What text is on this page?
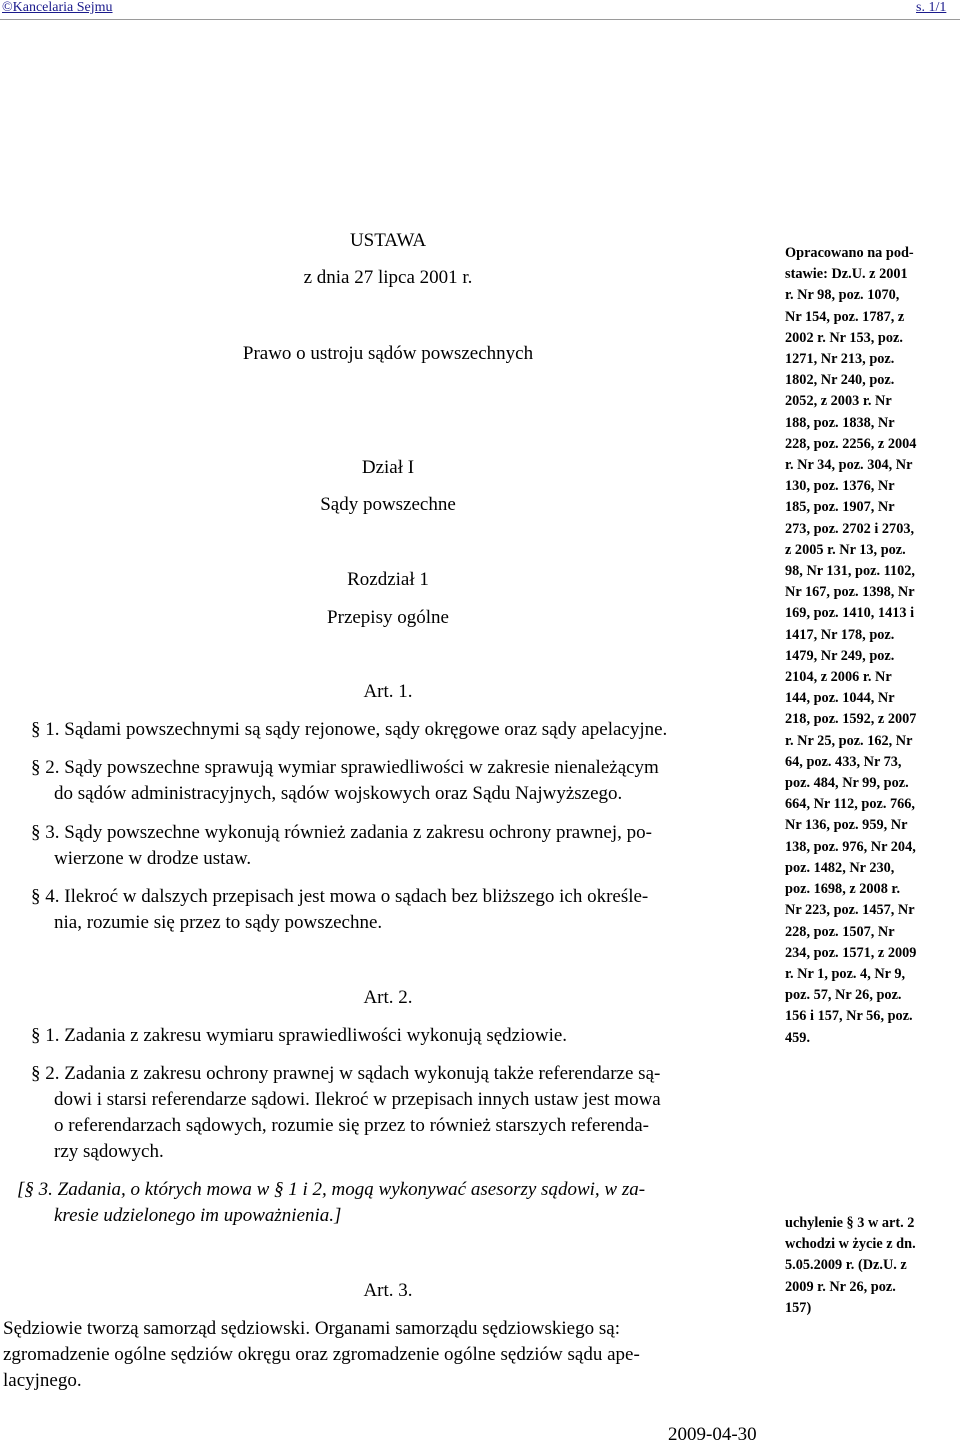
©Kancelaria Sejmu	s. 1/1
USTAWA
z dnia 27 lipca 2001 r.
Prawo o ustroju sądów powszechnych
Dział I
Sądy powszechne
Rozdział 1
Przepisy ogólne
Art. 1.
§ 1. Sądami powszechnymi są sądy rejonowe, sądy okręgowe oraz sądy apelacyjne.
§ 2. Sądy powszechne sprawują wymiar sprawiedliwości w zakresie nienależącym
do sądów administracyjnych, sądów wojskowych oraz Sądu Najwyższego.
§ 3. Sądy powszechne wykonują również zadania z zakresu ochrony prawnej, po-
wierzone w drodze ustaw.
§ 4. Ilekroć w dalszych przepisach jest mowa o sądach bez bliższego ich określe-
nia, rozumie się przez to sądy powszechne.
Art. 2.
§ 1. Zadania z zakresu wymiaru sprawiedliwości wykonują sędziowie.
§ 2. Zadania z zakresu ochrony prawnej w sądach wykonują także referendarze są-
dowi i starsi referendarze sądowi. Ilekroć w przepisach innych ustaw jest mowa
o referendarzach sądowych, rozumie się przez to również starszych referenda-
rzy sądowych.
[§ 3. Zadania, o których mowa w § 1 i 2, mogą wykonywać asesorzy sądowi, w za-
kresie udzielonego im upoważnienia.]
Art. 3.
Sędziowie tworzą samorząd sędziowski. Organami samorządu sędziowskiego są:
zgromadzenie ogólne sędziów okręgu oraz zgromadzenie ogólne sędziów sądu ape-
lacyjnego.
Opracowano na pod-
stawie: Dz.U. z 2001
r. Nr 98, poz. 1070,
Nr 154, poz. 1787, z
2002 r. Nr 153, poz.
1271, Nr 213, poz.
1802, Nr 240, poz.
2052, z 2003 r. Nr
188, poz. 1838, Nr
228, poz. 2256, z 2004
r. Nr 34, poz. 304, Nr
130, poz. 1376, Nr
185, poz. 1907, Nr
273, poz. 2702 i 2703,
z 2005 r. Nr 13, poz.
98, Nr 131, poz. 1102,
Nr 167, poz. 1398, Nr
169, poz. 1410, 1413 i
1417, Nr 178, poz.
1479, Nr 249, poz.
2104, z 2006 r. Nr
144, poz. 1044, Nr
218, poz. 1592, z 2007
r. Nr 25, poz. 162, Nr
64, poz. 433, Nr 73,
poz. 484, Nr 99, poz.
664, Nr 112, poz. 766,
Nr 136, poz. 959, Nr
138, poz. 976, Nr 204,
poz. 1482, Nr 230,
poz. 1698, z 2008 r.
Nr 223, poz. 1457, Nr
228, poz. 1507, Nr
234, poz. 1571, z 2009
r. Nr 1, poz. 4, Nr 9,
poz. 57, Nr 26, poz.
156 i 157, Nr 56, poz.
459.
uchylenie § 3 w art. 2
wchodzi w życie z dn.
5.05.2009 r. (Dz.U. z
2009 r. Nr 26, poz.
157)
2009-04-30
